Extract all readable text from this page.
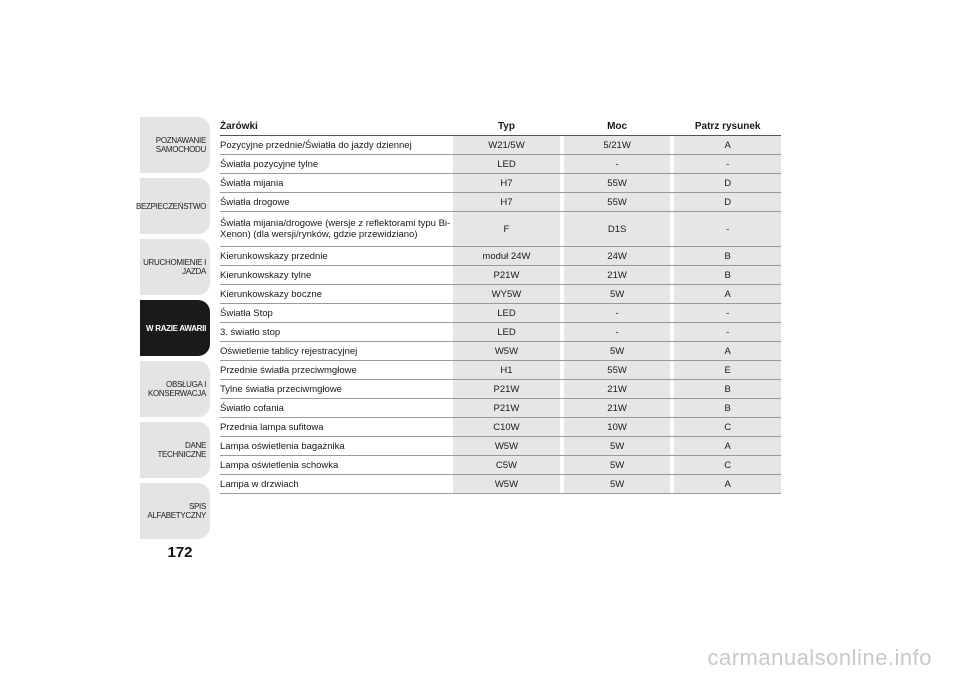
POZNAWANIE SAMOCHODU
BEZPIECZEŃSTWO
URUCHOMIENIE I JAZDA
W RAZIE AWARII
OBSŁUGA I KONSERWACJA
DANE TECHNICZNE
SPIS ALFABETYCZNY
172
Żarówki	Typ	Moc	Patrz rysunek
Pozycyjne przednie/Światła do jazdy dziennej	W21/5W	5/21W	A
Światła pozycyjne tylne	LED	-	-
Światła mijania	H7	55W	D
Światła drogowe	H7	55W	D
Światła mijania/drogowe (wersje z reflektorami typu Bi-Xenon) (dla wersji/rynków, gdzie przewidziano)	F	D1S	-
Kierunkowskazy przednie	moduł 24W	24W	B
Kierunkowskazy tylne	P21W	21W	B
Kierunkowskazy boczne	WY5W	5W	A
Światła Stop	LED	-	-
3. światło stop	LED	-	-
Oświetlenie tablicy rejestracyjnej	W5W	5W	A
Przednie światła przeciwmgłowe	H1	55W	E
Tylne światła przeciwmgłowe	P21W	21W	B
Światło cofania	P21W	21W	B
Przednia lampa sufitowa	C10W	10W	C
Lampa oświetlenia bagażnika	W5W	5W	A
Lampa oświetlenia schowka	C5W	5W	C
Lampa w drzwiach	W5W	5W	A
carmanualsonline.info
